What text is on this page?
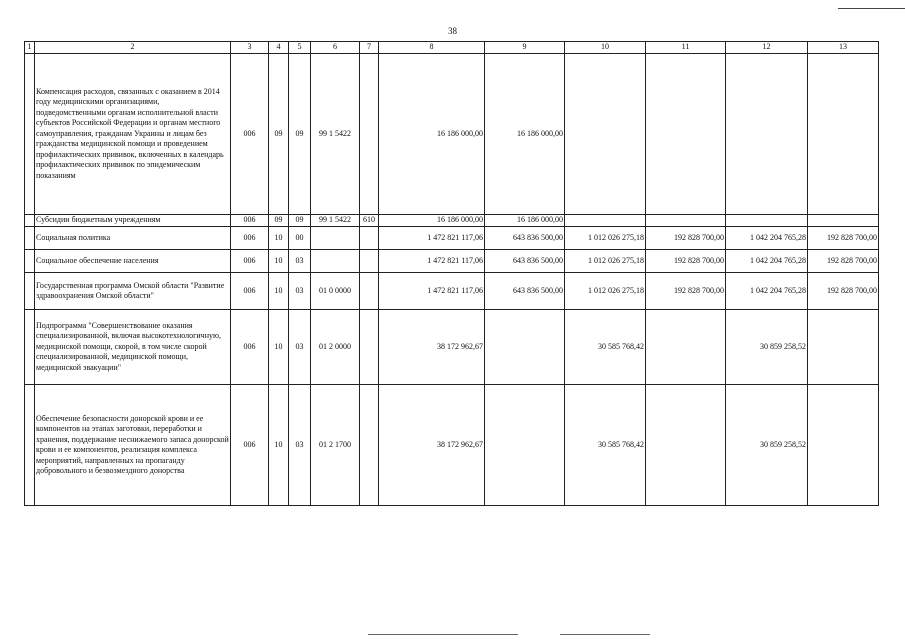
38
1	2	3	4	5	6	7	8	9	10	11	12	13
	Компенсация расходов, связанных с оказанием в 2014 году медицинскими организациями, подведомственными органам исполнительной власти субъектов Российской Федерации и органам местного самоуправления, гражданам Украины и лицам без гражданства медицинской помощи и проведением профилактических прививок, включенных в календарь профилактических прививок по эпидемическим показаниям	006	09	09	99 1 5422		16 186 000,00	16 186 000,00				
	Субсидии бюджетным учреждениям	006	09	09	99 1 5422	610	16 186 000,00	16 186 000,00				
	Социальная политика	006	10	00			1 472 821 117,06	643 836 500,00	1 012 026 275,18	192 828 700,00	1 042 204 765,28	192 828 700,00
	Социальное обеспечение населения	006	10	03			1 472 821 117,06	643 836 500,00	1 012 026 275,18	192 828 700,00	1 042 204 765,28	192 828 700,00
	Государственная программа Омской области "Развитие здравоохранения Омской области"	006	10	03	01 0 0000		1 472 821 117,06	643 836 500,00	1 012 026 275,18	192 828 700,00	1 042 204 765,28	192 828 700,00
	Подпрограмма "Совершенствование оказания специализированной, включая высокотехнологичную, медицинской помощи, скорой, в том числе скорой специализированной, медицинской помощи, медицинской эвакуации"	006	10	03	01 2 0000		38 172 962,67		30 585 768,42		30 859 258,52	
	Обеспечение безопасности донорской крови и ее компонентов на этапах заготовки, переработки и хранения, поддержание неснижаемого запаса донорской крови и ее компонентов, реализация комплекса мероприятий, направленных на пропаганду добровольного и безвозмездного донорства	006	10	03	01 2 1700		38 172 962,67		30 585 768,42		30 859 258,52	
